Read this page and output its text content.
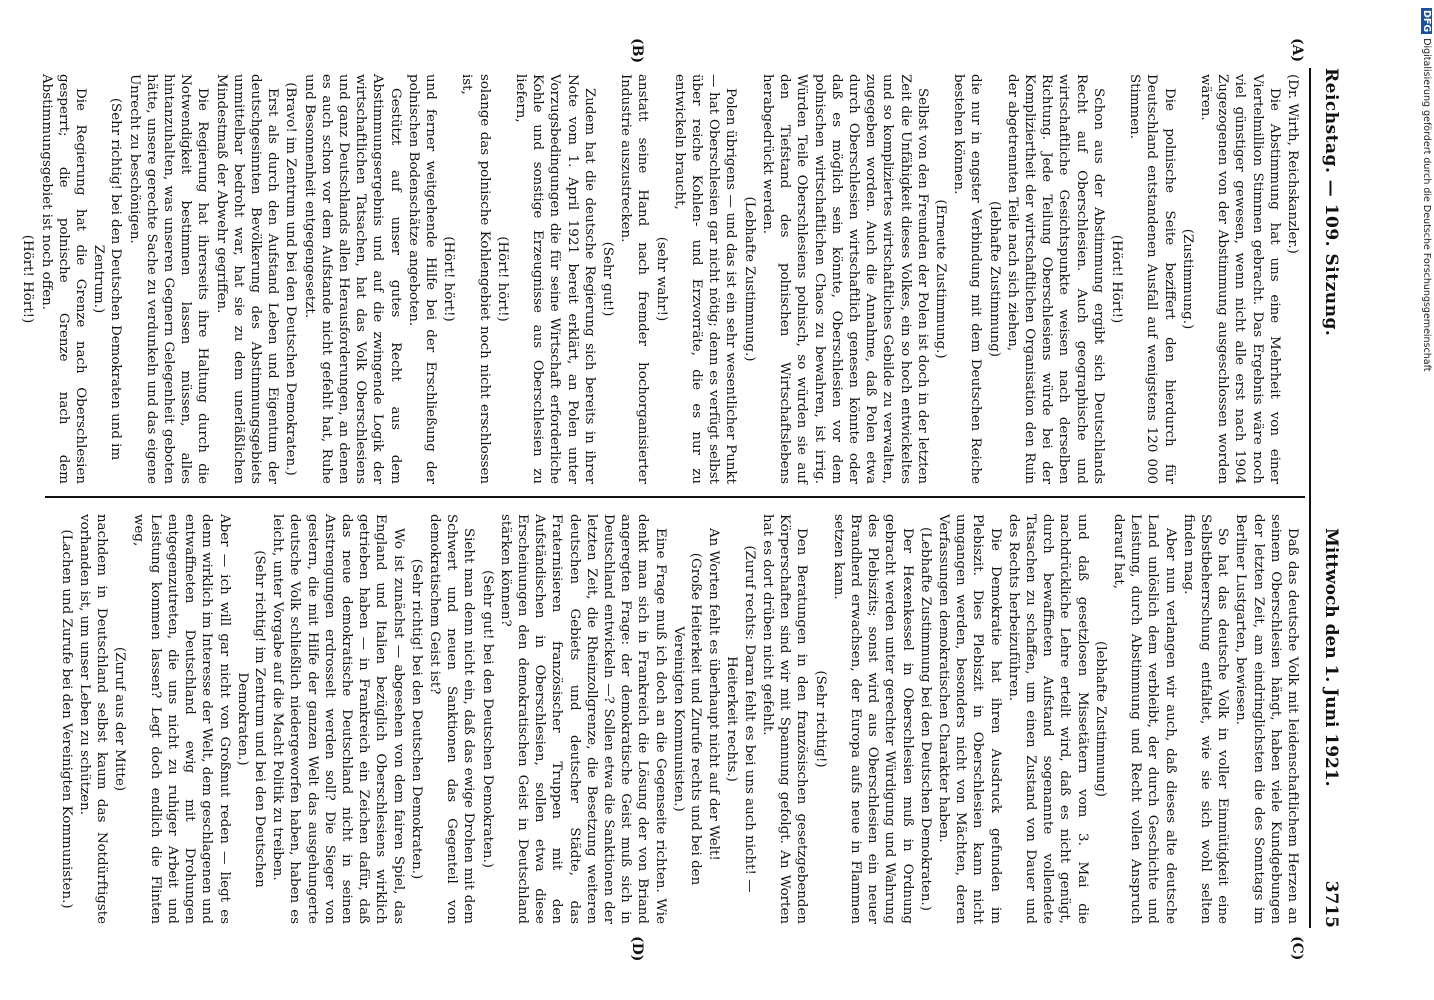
Reichstag. — 109. Sitzung.
Mittwoch den 1. Juni 1921.
3715
(A)
(B)
(C)
(D)

(Dr. Wirth, Reichskanzler.)

Die Abstimmung hat uns eine Mehrheit von einer Viertelmillion Stimmen gebracht. Das Ergebnis wäre noch viel günstiger gewesen, wenn nicht alle erst nach 1904 Zugezogenen von der Abstimmung ausgeschlossen worden wären.

(Zustimmung.)

Die polnische Seite beziffert den hierdurch für Deutschland entstandenen Ausfall auf wenigstens 120 000 Stimmen.

(Hört! Hört!)

Schon aus der Abstimmung ergibt sich Deutschlands Recht auf Oberschlesien. Auch geographische und wirtschaftliche Gesichtspunkte weisen nach derselben Richtung. Jede Teilung Oberschlesiens würde bei der Kompliziertheit der wirtschaftlichen Organisation den Ruin der abgetrennten Teile nach sich ziehen,

(lebhafte Zustimmung)

die nur in engster Verbindung mit dem Deutschen Reiche bestehen können.

(Erneute Zustimmung.)

Selbst von den Freunden der Polen ist doch in der letzten Zeit die Unfähigkeit dieses Volkes, ein so hoch entwickeltes und so kompliziertes wirtschaftliches Gebilde zu verwalten, zugegeben worden. Auch die Annahme, daß Polen etwa durch Oberschlesien wirtschaftlich genesen könnte oder daß es möglich sein könnte, Oberschlesien vor dem polnischen wirtschaftlichen Chaos zu bewahren, ist irrig. Würden Teile Oberschlesiens polnisch, so würden sie auf den Tiefstand des polnischen Wirtschaftslebens herabgedrückt werden.

(Lebhafte Zustimmung.)

Polen übrigens — und das ist ein sehr wesentlicher Punkt — hat Oberschlesien gar nicht nötig; denn es verfügt selbst über reiche Kohlen- und Erzvorräte, die es nur zu entwickeln braucht,

(sehr wahr!)

anstatt seine Hand nach fremder hochorganisierter Industrie auszustrecken.

(Sehr gut!)

Zudem hat die deutsche Regierung sich bereits in ihrer Note vom 1. April 1921 bereit erklärt, an Polen unter Vorzugsbedingungen die für seine Wirtschaft erforderliche Kohle und sonstige Erzeugnisse aus Oberschlesien zu liefern,

(Hört! hört!)

solange das polnische Kohlengebiet noch nicht erschlossen ist,

(Hört! hört!)

und ferner weitgehende Hilfe bei der Erschließung der polnischen Bodenschätze angeboten.

Gestützt auf unser gutes Recht aus dem Abstimmungsergebnis und auf die zwingende Logik der wirtschaftlichen Tatsachen, hat das Volk Oberschlesiens und ganz Deutschlands allen Herausforderungen, an denen es auch schon vor dem Aufstande nicht gefehlt hat, Ruhe und Besonnenheit entgegengesetzt.

(Bravo! im Zentrum und bei den Deutschen Demokraten.)

Erst als durch den Aufstand Leben und Eigentum der deutschgesinnten Bevölkerung des Abstimmungsgebiets unmittelbar bedroht war, hat sie zu dem unerläßlichen Mindestmaß der Abwehr gegriffen.

Die Regierung hat ihrerseits ihre Haltung durch die Notwendigkeit bestimmen lassen müssen, alles hintanzuhalten, was unseren Gegnern Gelegenheit geboten hätte, unsere gerechte Sache zu verdunkeln und das eigene Unrecht zu beschönigen.

(Sehr richtig! bei den Deutschen Demokraten und im Zentrum.)

Die Regierung hat die Grenze nach Oberschlesien gesperrt; die polnische Grenze nach dem Abstimmungsgebiet ist noch offen.

(Hört! Hört!)

Daß das deutsche Volk mit leidenschaftlichem Herzen an seinem Oberschlesien hängt, haben viele Kundgebungen der letzten Zeit, am eindringlichsten die des Sonntags im Berliner Lustgarten, bewiesen.

So hat das deutsche Volk in voller Einmütigkeit eine Selbstbeherrschung entfaltet, wie sie sich wohl selten finden mag.

Aber nun verlangen wir auch, daß dieses alte deutsche Land unlöslich dem verbleibt, der durch Geschichte und Leistung, durch Abstimmung und Recht vollen Anspruch darauf hat,

(lebhafte Zustimmung)

und daß gesetzlosen Missetätern vom 3. Mai die nachdrückliche Lehre erteilt wird, daß es nicht genügt, durch bewaffneten Aufstand sogenannte vollendete Tatsachen zu schaffen, um einen Zustand von Dauer und des Rechts herbeizuführen.

Die Demokratie hat ihren Ausdruck gefunden im Plebiszit. Dies Plebiszit in Oberschlesien kann nicht umgangen werden, besonders nicht von Mächten, deren Verfassungen demokratischen Charakter haben.

(Lebhafte Zustimmung bei den Deutschen Demokraten.)

Der Hexenkessel in Oberschlesien muß in Ordnung gebracht werden unter gerechter Würdigung und Wahrung des Plebiszits; sonst wird aus Oberschlesien ein neuer Brandherd erwachsen, der Europa aufs neue in Flammen setzen kann.

(Sehr richtig!)

Den Beratungen in den französischen gesetzgebenden Körperschaften sind wir mit Spannung gefolgt. An Worten hat es dort drüben nicht gefehlt.

(Zuruf rechts: Daran fehlt es bei uns auch nicht! — Heiterkeit rechts.)

An Worten fehlt es überhaupt nicht auf der Welt!

(Große Heiterkeit und Zurufe rechts und bei den Vereinigten Kommunisten.)

Eine Frage muß ich doch an die Gegenseite richten. Wie denkt man sich in Frankreich die Lösung der von Briand angeregten Frage: der demokratische Geist muß sich in Deutschland entwickeln —? Sollen etwa die Sanktionen der letzten Zeit, die Rheinzollgrenze, die Besetzung weiteren deutschen Gebiets und deutscher Städte, das Fraternisieren französischer Truppen mit den Aufständischen in Oberschlesien, sollen etwa diese Erscheinungen den demokratischen Geist in Deutschland stärken können?

(Sehr gut! bei den Deutschen Demokraten.)

Sieht man denn nicht ein, daß das ewige Drohen mit dem Schwert und neuen Sanktionen das Gegenteil von demokratischem Geist ist?

(Sehr richtig! bei den Deutschen Demokraten.)

Wo ist zunächst — abgesehen von dem fairen Spiel, das England und Italien bezüglich Oberschlesiens wirklich getrieben haben — in Frankreich ein Zeichen dafür, daß das neue demokratische Deutschland nicht in seinen Anstrengungen erdrosselt werden soll? Die Sieger von gestern, die mit Hilfe der ganzen Welt das ausgehungerte deutsche Volk schließlich niedergeworfen haben, haben es leicht, unter Vorgabe auf die Macht Politik zu treiben.

(Sehr richtig! im Zentrum und bei den Deutschen Demokraten.)

Aber — ich will gar nicht von Großmut reden — liegt es denn wirklich im Interesse der Welt, dem geschlagenen und entwaffneten Deutschland ewig mit Drohungen entgegenzutreten, die uns nicht zu ruhiger Arbeit und Leistung kommen lassen? Legt doch endlich die Flinten weg,

(Zuruf aus der Mitte)

nachdem in Deutschland selbst kaum das Notdürftigste vorhanden ist, um unser Leben zu schützen.

(Lachen und Zurufe bei den Vereinigten Kommunisten.)

DFGDigitalisierung gefördert durch die Deutsche Forschungsgemeinschaft
